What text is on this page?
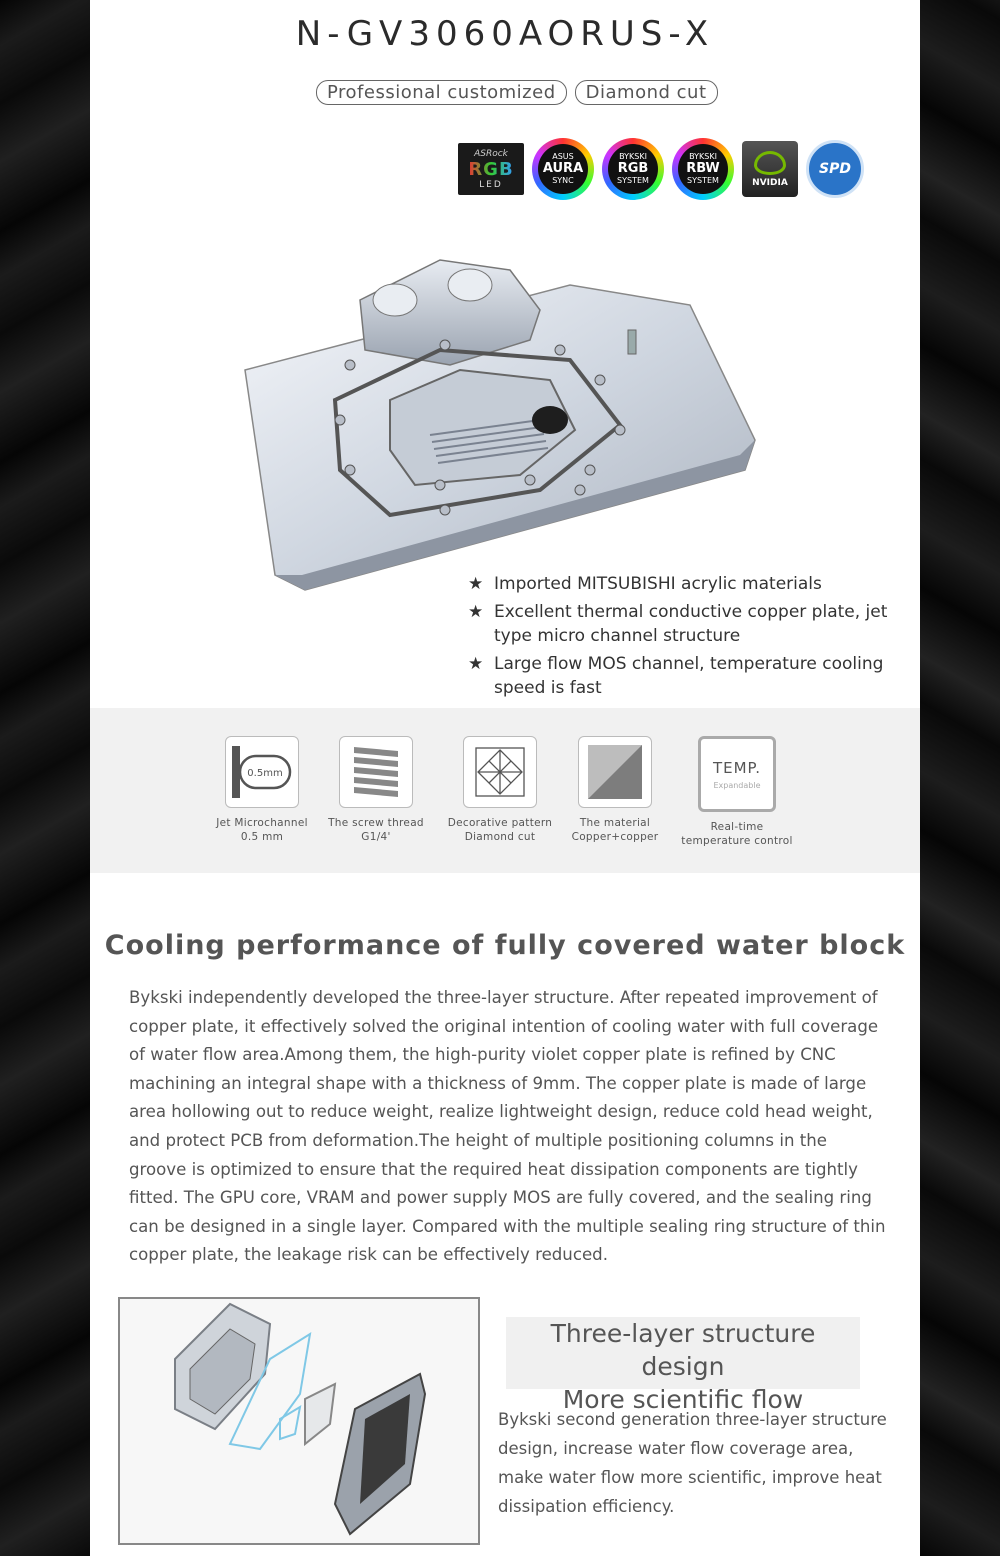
N-GV3060AORUS-X
Professional customized	Diamond cut
ASRock
RGB
LED
ASUS
AURA
SYNC
BYKSKI
RGB
SYSTEM
BYKSKI
RBW
SYSTEM	NVIDIA
SPD
★ Imported MITSUBISHI acrylic materials
★ Excellent thermal conductive copper plate, jet type micro channel structure
★ Large flow MOS channel, temperature cooling speed is fast
0.5mm
Jet Microchannel
0.5 mm
The screw thread
G1/4'
Decorative pattern
Diamond cut
The material
Copper+copper
TEMP.
Expandable
Real-time
temperature control
Cooling performance of fully covered water block

Bykski independently developed the three-layer structure. After repeated improvement of copper plate, it effectively solved the original intention of cooling water with full coverage of water flow area.Among them, the high-purity violet copper plate is refined by CNC machining an integral shape with a thickness of 9mm. The copper plate is made of large area hollowing out to reduce weight, realize lightweight design, reduce cold head weight, and protect PCB from deformation.The height of multiple positioning columns in the groove is optimized to ensure that the required heat dissipation components are tightly fitted. The GPU core, VRAM and power supply MOS are fully covered, and the sealing ring can be designed in a single layer. Compared with the multiple sealing ring structure of thin copper plate, the leakage risk can be effectively reduced.

Three-layer structure design
More scientific flow

Bykski second generation three-layer structure design, increase water flow coverage area, make water flow more scientific, improve heat dissipation efficiency.
